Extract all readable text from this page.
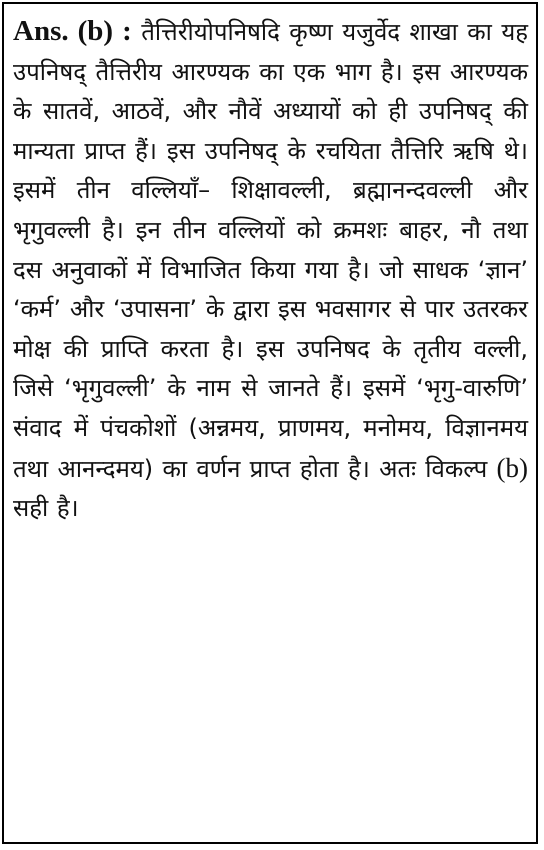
Ans. (b) : तैत्तिरीयोपनिषदि कृष्ण यजुर्वेद शाखा का यह उपनिषद् तैत्तिरीय आरण्यक का एक भाग है। इस आरण्यक के सातवें, आठवें, और नौवें अध्यायों को ही उपनिषद् की मान्यता प्राप्त हैं। इस उपनिषद् के रचयिता तैत्तिरि ऋषि थे। इसमें तीन वल्लियाँ– शिक्षावल्ली, ब्रह्मानन्दवल्ली और भृगुवल्ली है। इन तीन वल्लियों को क्रमशः बाहर, नौ तथा दस अनुवाकों में विभाजित किया गया है। जो साधक ‘ज्ञान’ ‘कर्म’ और ‘उपासना’ के द्वारा इस भवसागर से पार उतरकर मोक्ष की प्राप्ति करता है। इस उपनिषद के तृतीय वल्ली, जिसे ‘भृगुवल्ली’ के नाम से जानते हैं। इसमें ‘भृगु-वारुणि’ संवाद में पंचकोशों (अन्नमय, प्राणमय, मनोमय, विज्ञानमय तथा आनन्दमय) का वर्णन प्राप्त होता है। अतः विकल्प (b) सही है।
